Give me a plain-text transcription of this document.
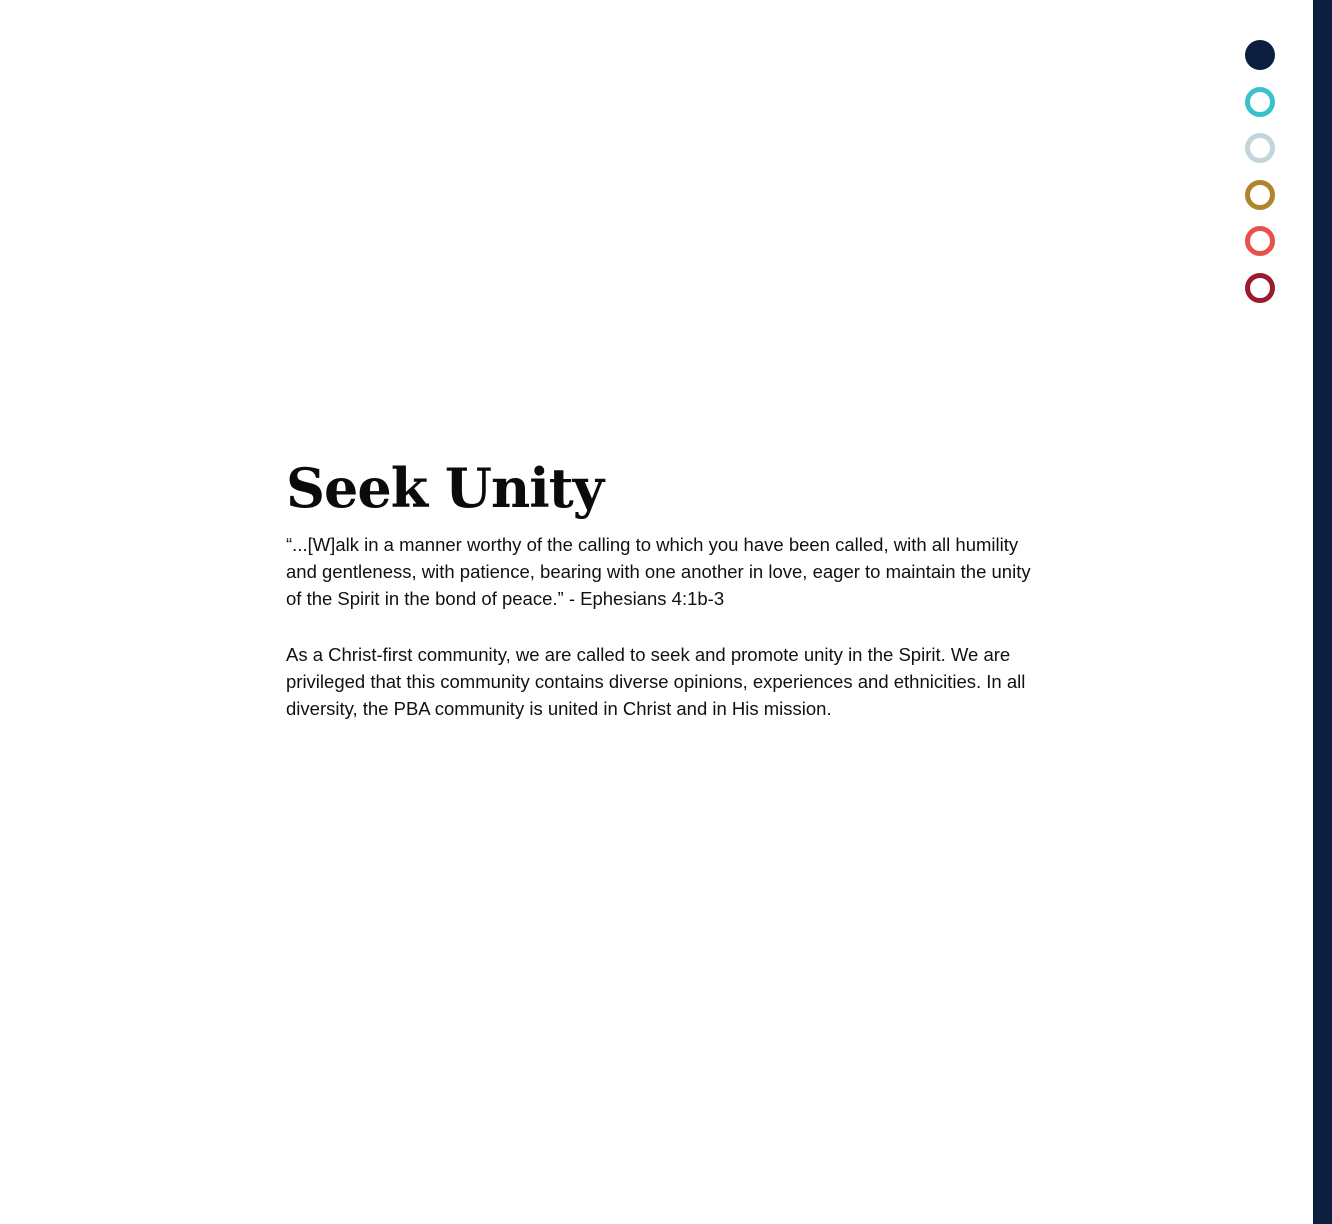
Seek Unity

“...[W]alk in a manner worthy of the calling to which you have been called, with all humility and gentleness, with patience, bearing with one another in love, eager to maintain the unity of the Spirit in the bond of peace.” - Ephesians 4:1b-3

As a Christ-first community, we are called to seek and promote unity in the Spirit. We are privileged that this community contains diverse opinions, experiences and ethnicities. In all diversity, the PBA community is united in Christ and in His mission.
